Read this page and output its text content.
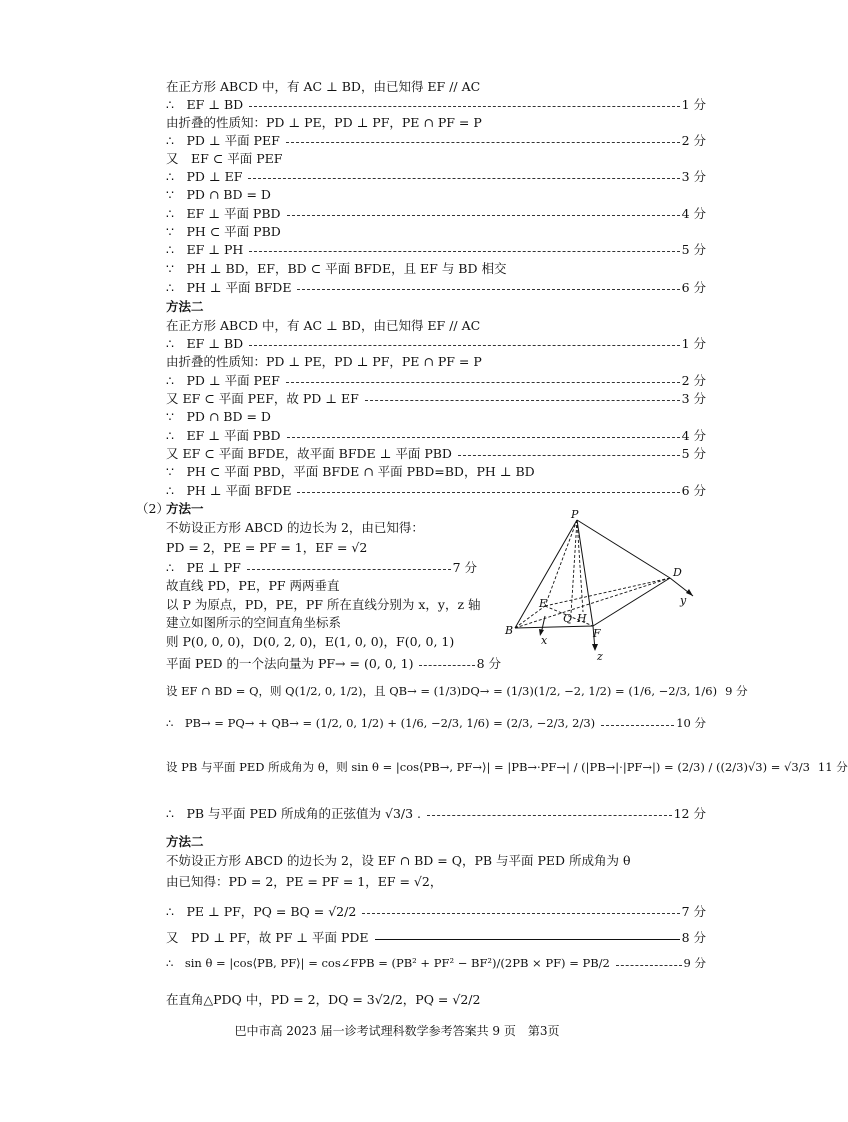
在正方形 ABCD 中，有 AC ⊥ BD，由已知得 EF // AC
∴　EF ⊥ BD	1 分
由折叠的性质知：PD ⊥ PE，PD ⊥ PF，PE ∩ PF = P
∴　PD ⊥ 平面 PEF	2 分
又　EF ⊂ 平面 PEF
∴　PD ⊥ EF	3 分
∵　PD ∩ BD = D
∴　EF ⊥ 平面 PBD	4 分
∵　PH ⊂ 平面 PBD
∴　EF ⊥ PH	5 分
∵　PH ⊥ BD，EF，BD ⊂ 平面 BFDE，且 EF 与 BD 相交
∴　PH ⊥ 平面 BFDE	6 分
方法二
在正方形 ABCD 中，有 AC ⊥ BD，由已知得 EF // AC
∴　EF ⊥ BD	1 分
由折叠的性质知：PD ⊥ PE，PD ⊥ PF，PE ∩ PF = P
∴　PD ⊥ 平面 PEF	2 分
又 EF ⊂ 平面 PEF，故 PD ⊥ EF	3 分
∵　PD ∩ BD = D
∴　EF ⊥ 平面 PBD	4 分
又 EF ⊂ 平面 BFDE，故平面 BFDE ⊥ 平面 PBD	5 分
∵　PH ⊂ 平面 PBD，平面 BFDE ∩ 平面 PBD=BD，PH ⊥ BD
∴　PH ⊥ 平面 BFDE	6 分
（2）
方法一
不妨设正方形 ABCD 的边长为 2，由已知得：
PD = 2，PE = PF = 1，EF = √2
∴　PE ⊥ PF	7 分
故直线 PD，PE，PF 两两垂直
以 P 为原点，PD，PE，PF 所在直线分别为 x，y，z 轴
建立如图所示的空间直角坐标系
则 P(0, 0, 0)，D(0, 2, 0)，E(1, 0, 0)，F(0, 0, 1)
平面 PED 的一个法向量为 PF→ = (0, 0, 1)	8 分
设 EF ∩ BD = Q，则 Q(1/2, 0, 1/2)，且 QB→ = (1/3)DQ→ = (1/3)(1/2, −2, 1/2) = (1/6, −2/3, 1/6) 9 分
∴　PB→ = PQ→ + QB→ = (1/2, 0, 1/2) + (1/6, −2/3, 1/6) = (2/3, −2/3, 2/3)	10 分
设 PB 与平面 PED 所成角为 θ，则 sin θ = |cos⟨PB→, PF→⟩| = |PB→·PF→| / (|PB→|·|PF→|) = (2/3) / ((2/3)√3) = √3/3 11 分
∴　PB 与平面 PED 所成角的正弦值为 √3/3 .	12 分
方法二
不妨设正方形 ABCD 的边长为 2，设 EF ∩ BD = Q，PB 与平面 PED 所成角为 θ
由已知得：PD = 2，PE = PF = 1，EF = √2，
∴　PE ⊥ PF，PQ = BQ = √2/2	7 分
又　PD ⊥ PF，故 PF ⊥ 平面 PDE	8 分
∴　sin θ = |cos⟨PB, PF⟩| = cos∠FPB = (PB² + PF² − BF²)/(2PB × PF) = PB/2	9 分
在直角△PDQ 中，PD = 2，DQ = 3√2/2，PQ = √2/2
P
D
E
B	F
Q H
x
y
z
巴中市高 2023 届一诊考试理科数学参考答案共 9 页　第3页
